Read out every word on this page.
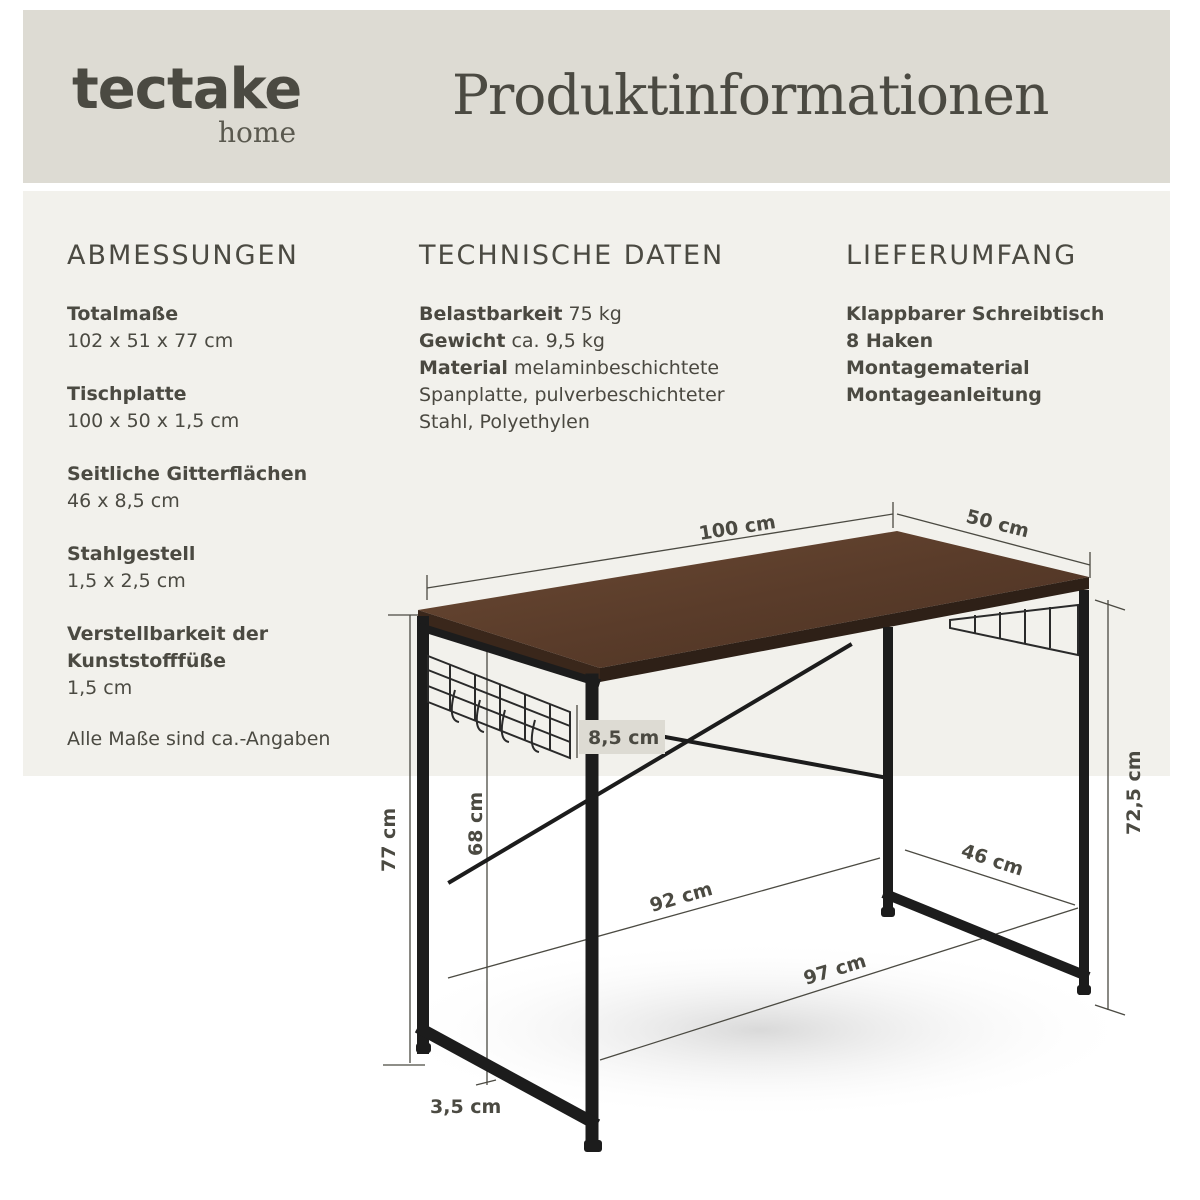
tectake
home
Produktinformationen
ABMESSUNGEN
Totalmaße
102 x 51 x 77 cm
Tischplatte
100 x 50 x 1,5 cm
Seitliche Gitterflächen
46 x 8,5 cm
Stahlgestell
1,5 x 2,5 cm
Verstellbarkeit der Kunststofffüße
1,5 cm
Alle Maße sind ca.-Angaben
TECHNISCHE DATEN
Belastbarkeit 75 kg
Gewicht ca. 9,5 kg
Material melaminbeschichtete Spanplatte, pulverbeschichteter Stahl, Polyethylen
LIEFERUMFANG
Klappbarer Schreibtisch
8 Haken
Montagematerial
Montageanleitung
100 cm	50 cm
8,5 cm
77 cm	68 cm	72,5 cm
92 cm
46 cm
97 cm
3,5 cm
